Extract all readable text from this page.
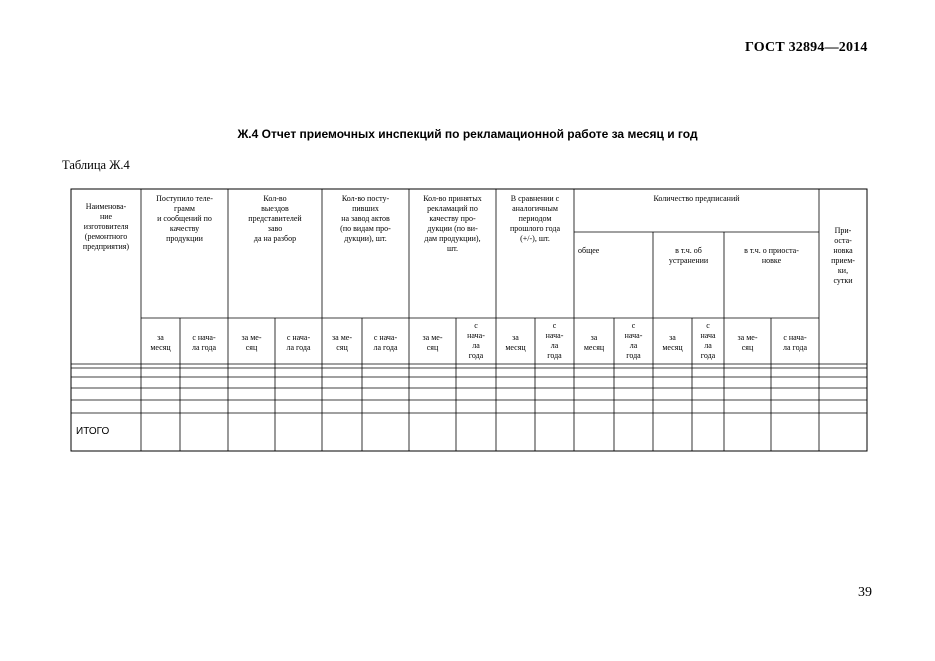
ГОСТ 32894—2014
Ж.4 Отчет приемочных инспекций по рекламационной работе за месяц и год
Таблица Ж.4
Наименова-
ние
изготовителя
(ремонтного
предприятия)
Поступило теле-
грамм
и сообщений по
качеству
продукции
Кол-во
выездов
представителей
заво
да на разбор
Кол-во посту-
пивших
на завод актов
(по видам про-
дукции), шт.
Кол-во принятых
рекламаций по
качеству про-
дукции (по ви-
дам продукции),
шт.
В сравнении с
аналогичным
периодом
прошлого года
(+/-), шт.
Количество предписаний
При-
оста-
новка
прием-
ки,
сутки
общее	в т.ч. об
устранении
в т.ч. о приоста-
новке
за
месяц
с нача-
ла года
за ме-
сяц
с нача-
ла года
за ме-
сяц
с нача-
ла года
за ме-
сяц
с
нача-
ла
года
за
месяц
с
нача-
ла
года
за
месяц
с
нача-
ла
года
за
месяц
с
нача
ла
года
за ме-
сяц
с нача-
ла года
ИТОГО
39
